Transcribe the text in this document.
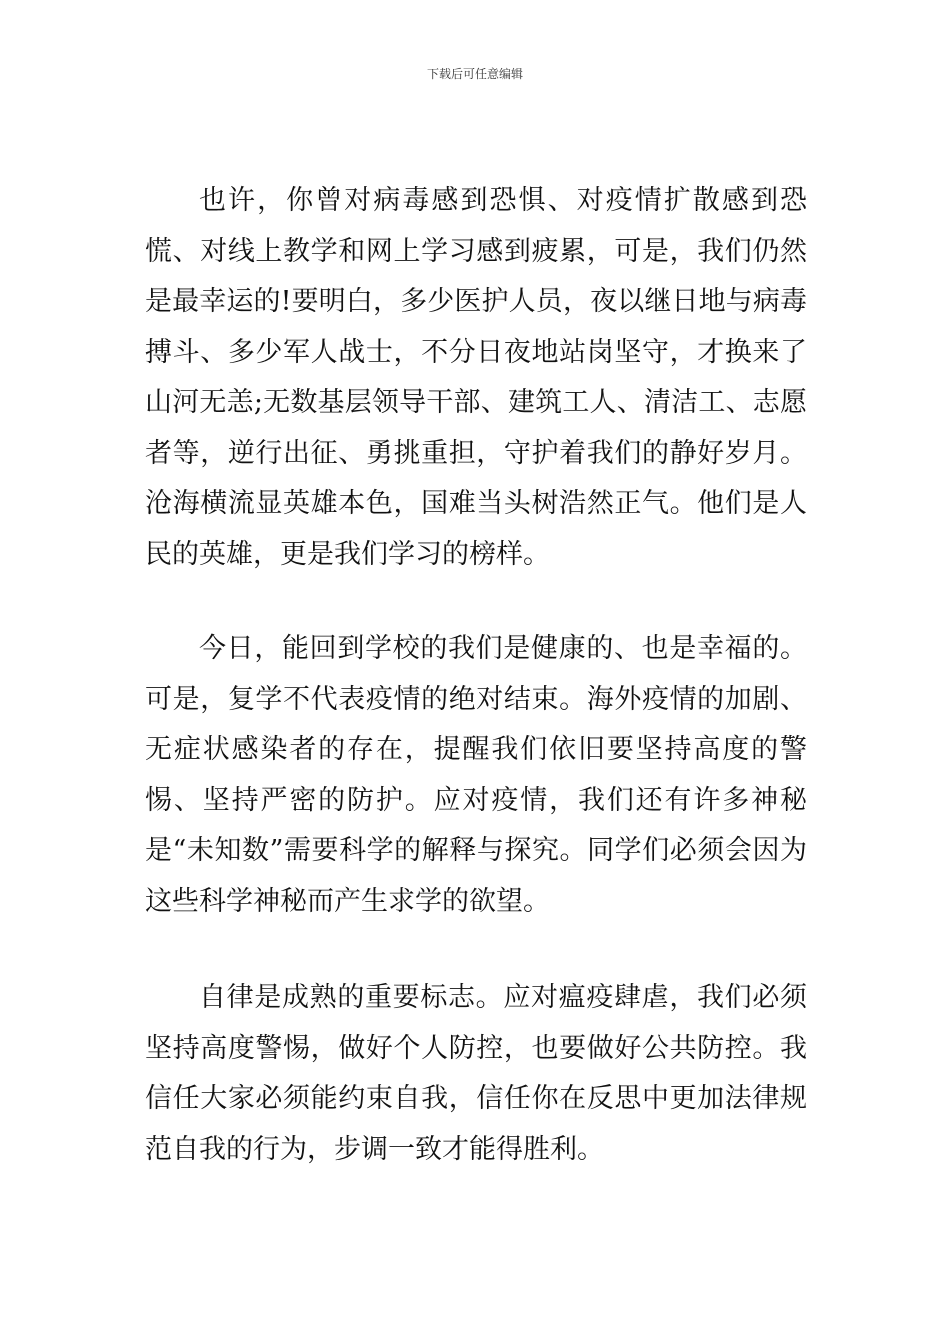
下载后可任意编辑

也许，你曾对病毒感到恐惧、对疫情扩散感到恐慌、对线上教学和网上学习感到疲累，可是，我们仍然是最幸运的!要明白，多少医护人员，夜以继日地与病毒搏斗、多少军人战士，不分日夜地站岗坚守，才换来了山河无恙;无数基层领导干部、建筑工人、清洁工、志愿者等，逆行出征、勇挑重担，守护着我们的静好岁月。沧海横流显英雄本色，国难当头树浩然正气。他们是人民的英雄，更是我们学习的榜样。

今日，能回到学校的我们是健康的、也是幸福的。可是，复学不代表疫情的绝对结束。海外疫情的加剧、无症状感染者的存在，提醒我们依旧要坚持高度的警惕、坚持严密的防护。应对疫情，我们还有许多神秘是“未知数”需要科学的解释与探究。同学们必须会因为这些科学神秘而产生求学的欲望。

自律是成熟的重要标志。应对瘟疫肆虐，我们必须坚持高度警惕，做好个人防控，也要做好公共防控。我信任大家必须能约束自我，信任你在反思中更加法律规范自我的行为，步调一致才能得胜利。
